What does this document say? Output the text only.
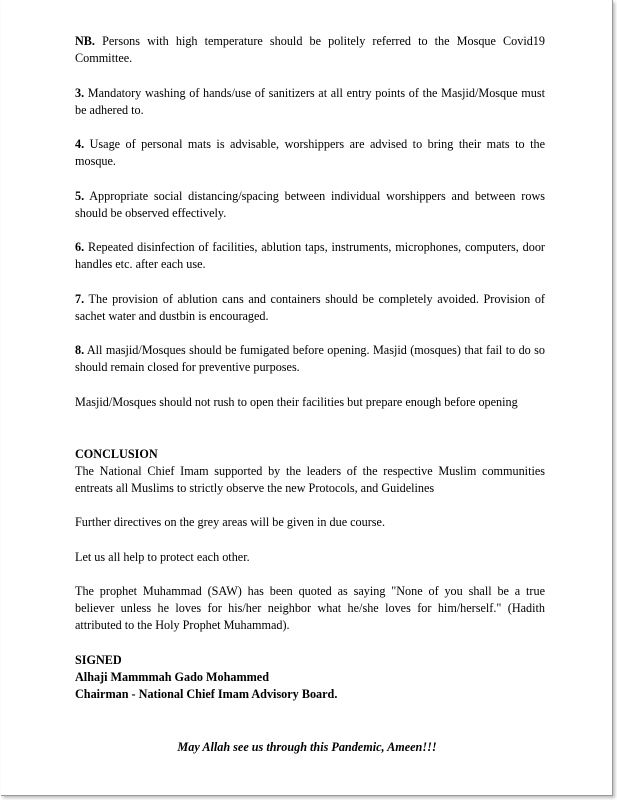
NB. Persons with high temperature should be politely referred to the Mosque Covid19 Committee.

3. Mandatory washing of hands/use of sanitizers at all entry points of the Masjid/Mosque must be adhered to.

4. Usage of personal mats is advisable, worshippers are advised to bring their mats to the mosque.

5. Appropriate social distancing/spacing between individual worshippers and between rows should be observed effectively.

6. Repeated disinfection of facilities, ablution taps, instruments, microphones, computers, door handles etc. after each use.

7. The provision of ablution cans and containers should be completely avoided. Provision of sachet water and dustbin is encouraged.

8. All masjid/Mosques should be fumigated before opening. Masjid (mosques) that fail to do so should remain closed for preventive purposes.

Masjid/Mosques should not rush to open their facilities but prepare enough before opening

CONCLUSION

The National Chief Imam supported by the leaders of the respective Muslim communities entreats all Muslims to strictly observe the new Protocols, and Guidelines

Further directives on the grey areas will be given in due course.

Let us all help to protect each other.

The prophet Muhammad (SAW) has been quoted as saying "None of you shall be a true believer unless he loves for his/her neighbor what he/she loves for him/herself." (Hadith attributed to the Holy Prophet Muhammad).

SIGNED

Alhaji Mammmah Gado Mohammed

Chairman - National Chief Imam Advisory Board.

May Allah see us through this Pandemic, Ameen!!!
